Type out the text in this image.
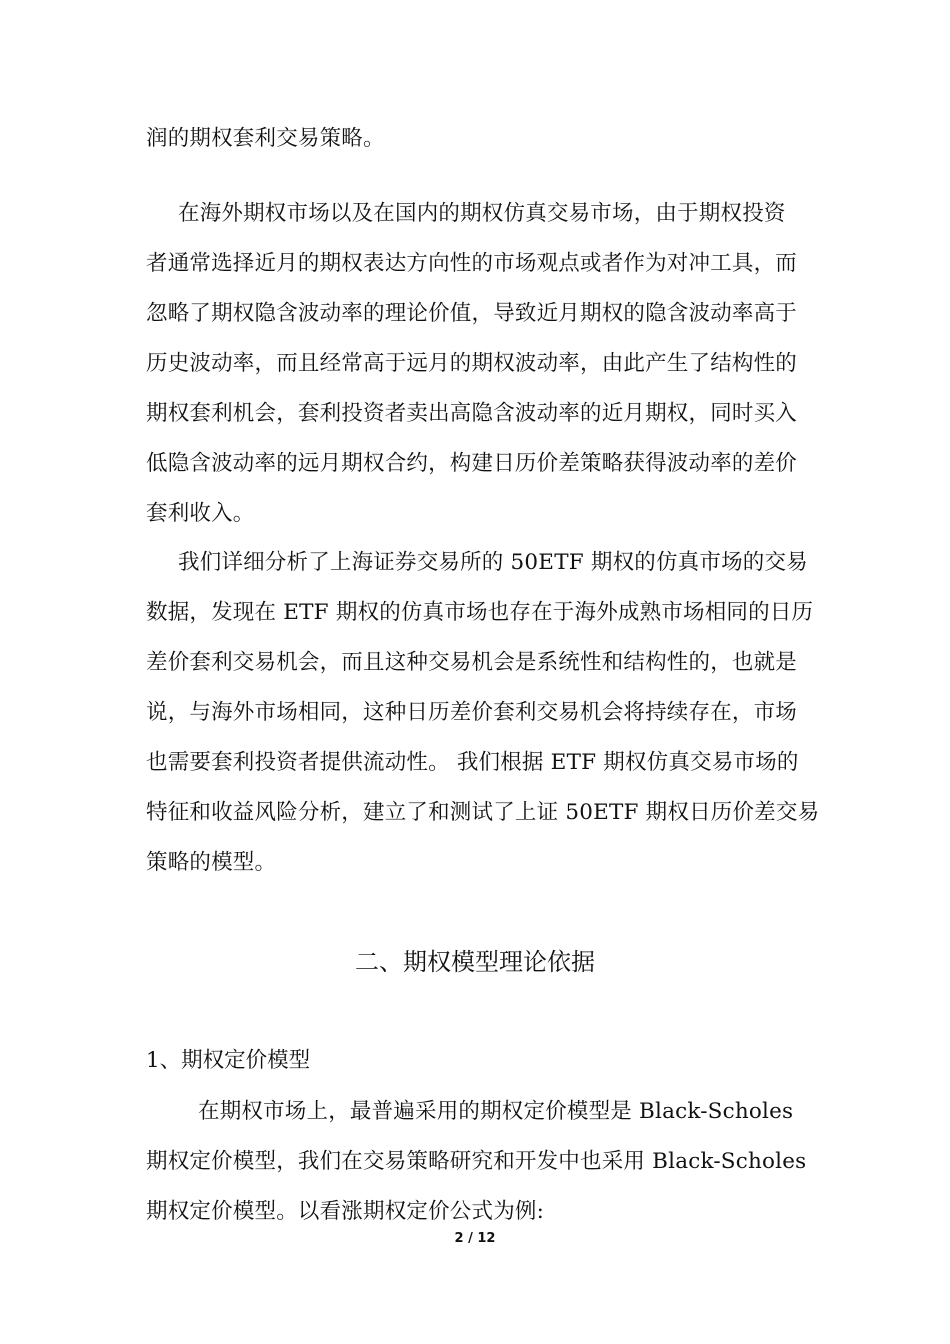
润的期权套利交易策略。
在海外期权市场以及在国内的期权仿真交易市场，由于期权投资
者通常选择近月的期权表达方向性的市场观点或者作为对冲工具，而
忽略了期权隐含波动率的理论价值，导致近月期权的隐含波动率高于
历史波动率，而且经常高于远月的期权波动率，由此产生了结构性的
期权套利机会，套利投资者卖出高隐含波动率的近月期权，同时买入
低隐含波动率的远月期权合约，构建日历价差策略获得波动率的差价
套利收入。
我们详细分析了上海证券交易所的 50ETF 期权的仿真市场的交易
数据，发现在 ETF 期权的仿真市场也存在于海外成熟市场相同的日历
差价套利交易机会，而且这种交易机会是系统性和结构性的，也就是
说，与海外市场相同，这种日历差价套利交易机会将持续存在，市场
也需要套利投资者提供流动性。 我们根据 ETF 期权仿真交易市场的
特征和收益风险分析，建立了和测试了上证 50ETF 期权日历价差交易
策略的模型。
二、期权模型理论依据
1、期权定价模型
在期权市场上，最普遍采用的期权定价模型是 Black-Scholes
期权定价模型，我们在交易策略研究和开发中也采用 Black-Scholes
期权定价模型。以看涨期权定价公式为例:
2 / 12
